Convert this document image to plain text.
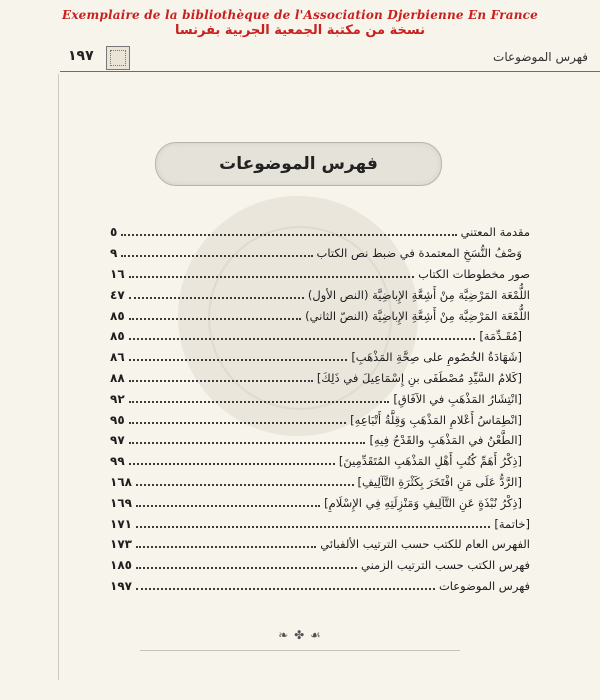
Exemplaire de la bibliothèque de l'Association Djerbienne En France
نسخة من مكتبة الجمعية الجربية بفرنسا
١٩٧	فهرس الموضوعات
فهرس الموضوعات
مقدمة المعتني
٥
وَصْفُ النُّسَخِ المعتمدة في ضبط نص الكتاب
٩
صور مخطوطات الكتاب
١٦
اللُّمْعَة المَرْضِيَّة مِنْ أَشِعَّةِ الإِباضِيَّة (النص الأول)
٤٧
اللُّمْعَة المَرْضِيَّة مِنْ أَشِعَّةِ الإِباضِيَّة (النصّ الثاني)
٨٥
[مُقَـدِّمَة]
٨٥
[شَهَادَةُ الخُصُومِ على صِحَّةِ المَذْهَبِ]
٨٦
[كَلامُ السَّيِّدِ مُصْطَفَى بنِ إِسْمَاعِيلَ في ذَلِكَ]
٨٨
[انْتِشَارُ المَذْهَبِ في الآفَاقِ]
٩٢
[انْطِمَاسُ أَعْلامِ المَذْهَبِ وَقِلَّةُ أَتْبَاعِهِ]
٩٥
[الطَّعْنُ في المَذْهَبِ والقَدْحُ فِيهِ]
٩٧
[ذِكْرُ أَهَمِّ كُتُبِ أَهْلِ المَذْهَبِ المُتَقَدِّمِينَ]
٩٩
[الرَّدُّ عَلَى مَنِ افْتَخَرَ بِكَثْرَةِ التَّآلِيفِ]
١٦٨
[ذِكْرُ نُبْذَةٍ عَنِ التَّآلِيفِ وَمَنْزِلَتِهِ فِي الإِسْلَامِ]
١٦٩
[خاتمة]
١٧١
الفهرس العام للكتب حسب الترتيب الألفبائي
١٧٣
فهرس الكتب حسب الترتيب الزمني
١٨٥
فهرس الموضوعات
١٩٧
❧ ✤ ☙
